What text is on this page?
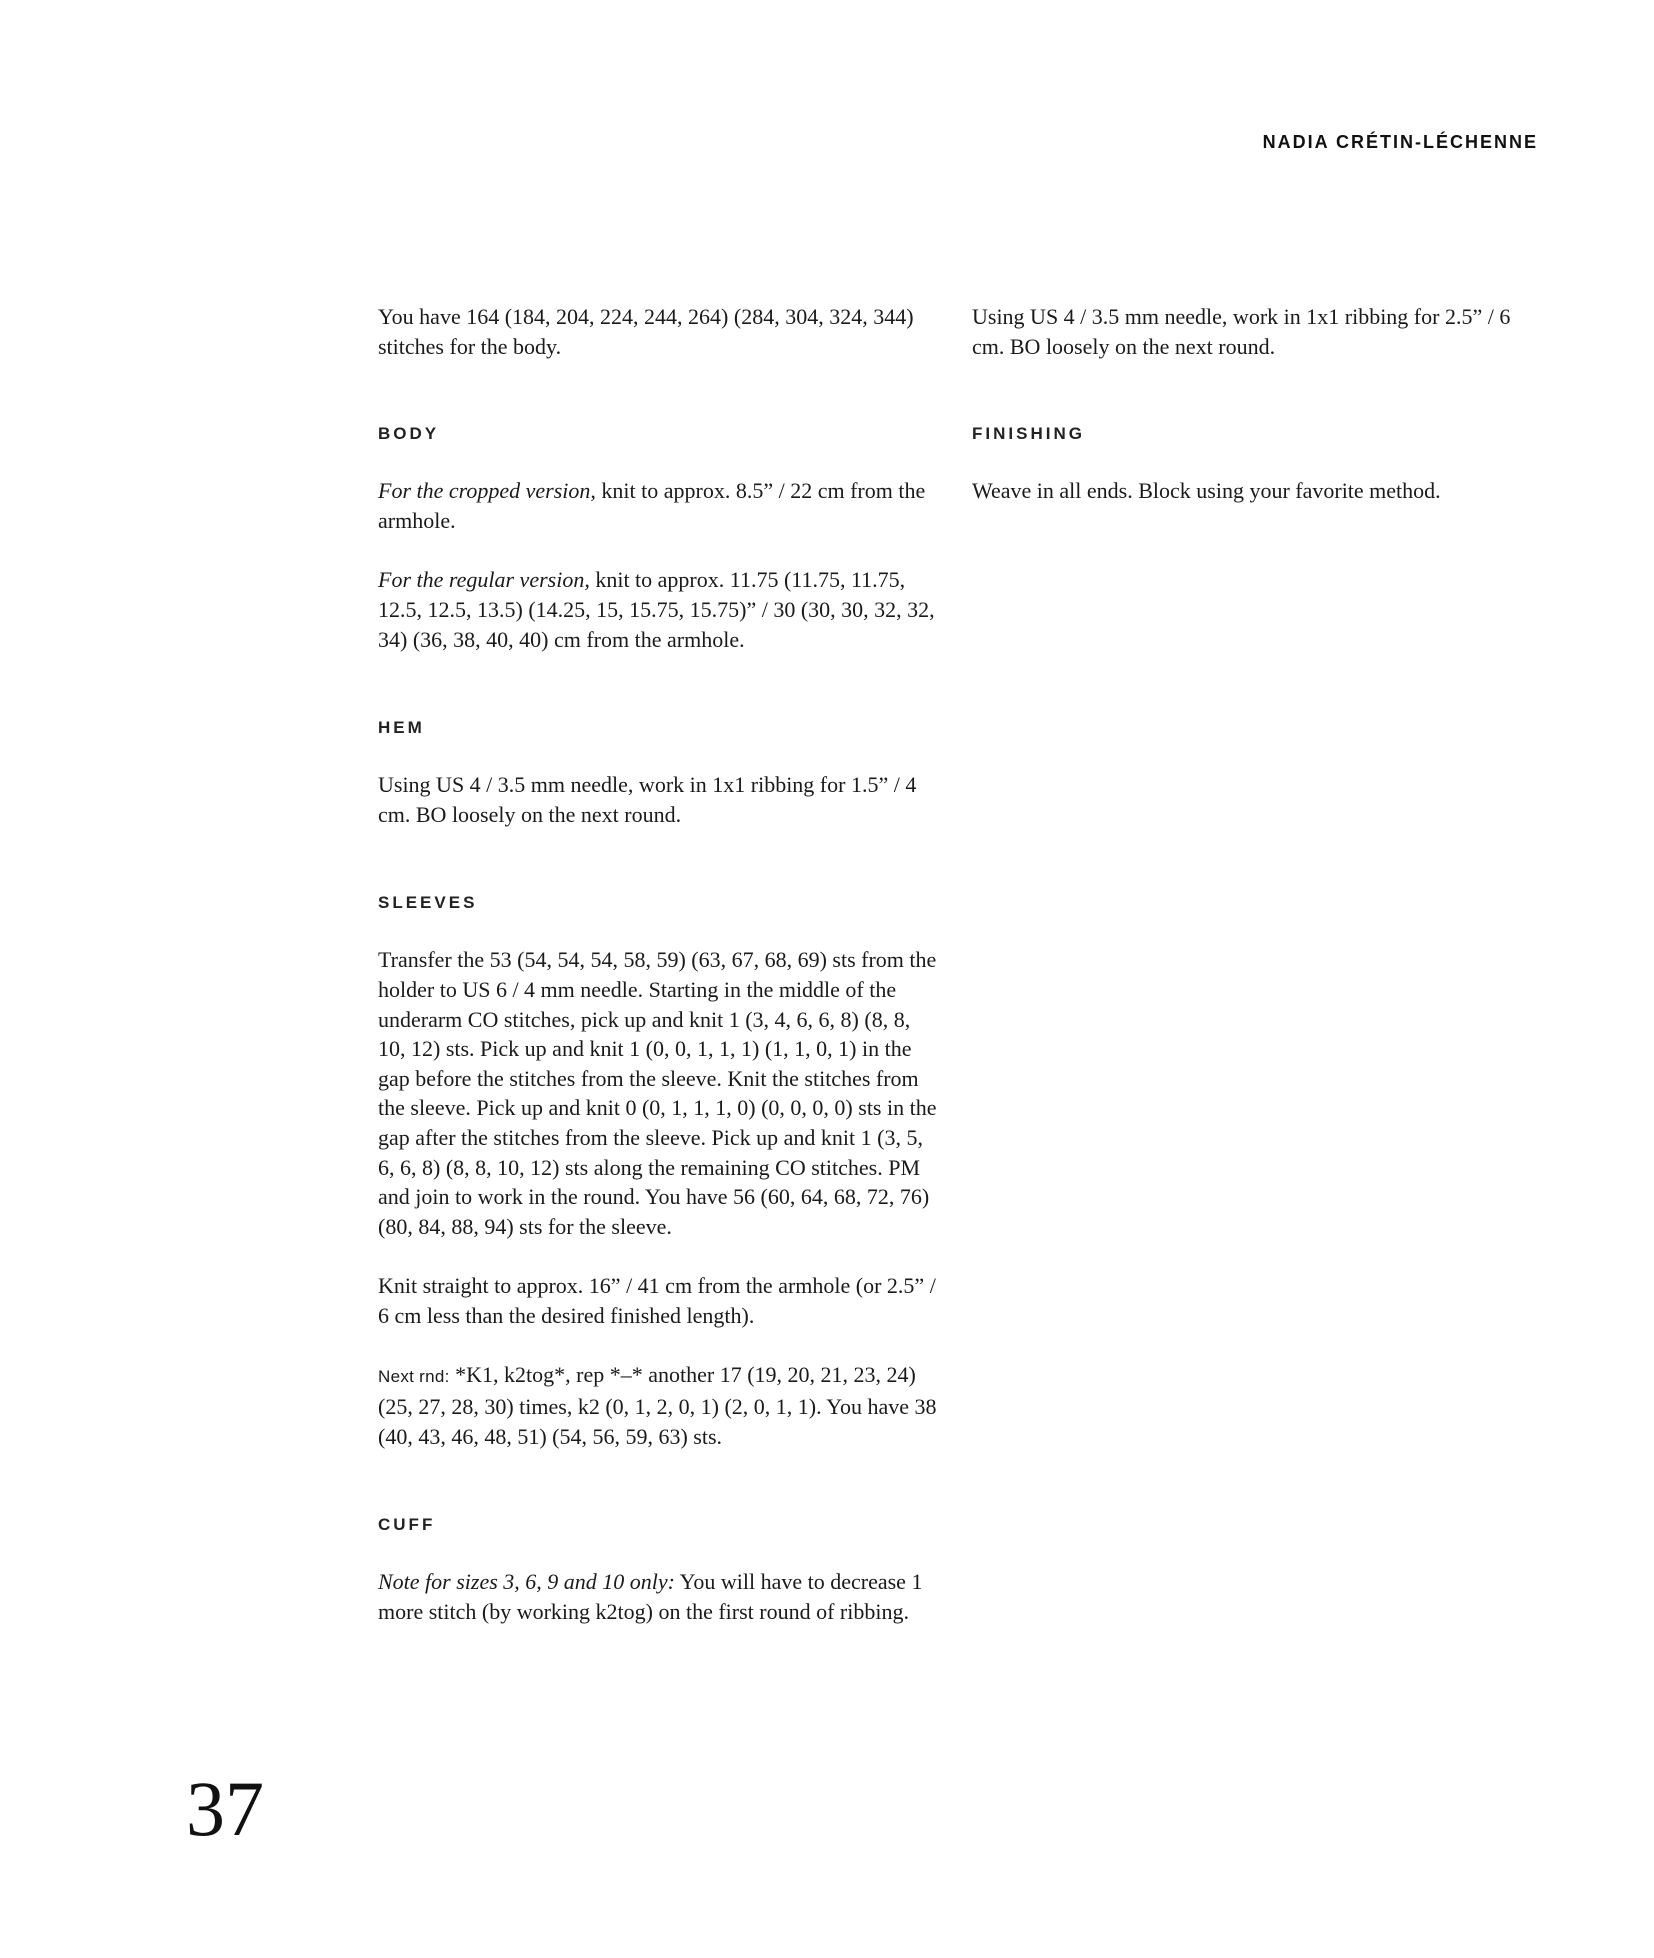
NADIA CRÉTIN-LÉCHENNE

You have 164 (184, 204, 224, 244, 264) (284, 304, 324, 344) stitches for the body.

BODY

For the cropped version, knit to approx. 8.5” / 22 cm from the armhole.

For the regular version, knit to approx. 11.75 (11.75, 11.75, 12.5, 12.5, 13.5) (14.25, 15, 15.75, 15.75)” / 30 (30, 30, 32, 32, 34) (36, 38, 40, 40) cm from the armhole.

HEM

Using US 4 / 3.5 mm needle, work in 1x1 ribbing for 1.5” / 4 cm. BO loosely on the next round.

SLEEVES

Transfer the 53 (54, 54, 54, 58, 59) (63, 67, 68, 69) sts from the holder to US 6 / 4 mm needle. Starting in the middle of the underarm CO stitches, pick up and knit 1 (3, 4, 6, 6, 8) (8, 8, 10, 12) sts. Pick up and knit 1 (0, 0, 1, 1, 1) (1, 1, 0, 1) in the gap before the stitches from the sleeve. Knit the stitches from the sleeve. Pick up and knit 0 (0, 1, 1, 1, 0) (0, 0, 0, 0) sts in the gap after the stitches from the sleeve. Pick up and knit 1 (3, 5, 6, 6, 8) (8, 8, 10, 12) sts along the remaining CO stitches. PM and join to work in the round. You have 56 (60, 64, 68, 72, 76) (80, 84, 88, 94) sts for the sleeve.

Knit straight to approx. 16” / 41 cm from the armhole (or 2.5” / 6 cm less than the desired finished length).

Next rnd: *K1, k2tog*, rep *–* another 17 (19, 20, 21, 23, 24) (25, 27, 28, 30) times, k2 (0, 1, 2, 0, 1) (2, 0, 1, 1). You have 38 (40, 43, 46, 48, 51) (54, 56, 59, 63) sts.

CUFF

Note for sizes 3, 6, 9 and 10 only: You will have to decrease 1 more stitch (by working k2tog) on the first round of ribbing.

Using US 4 / 3.5 mm needle, work in 1x1 ribbing for 2.5” / 6 cm. BO loosely on the next round.

FINISHING

Weave in all ends. Block using your favorite method.

37
